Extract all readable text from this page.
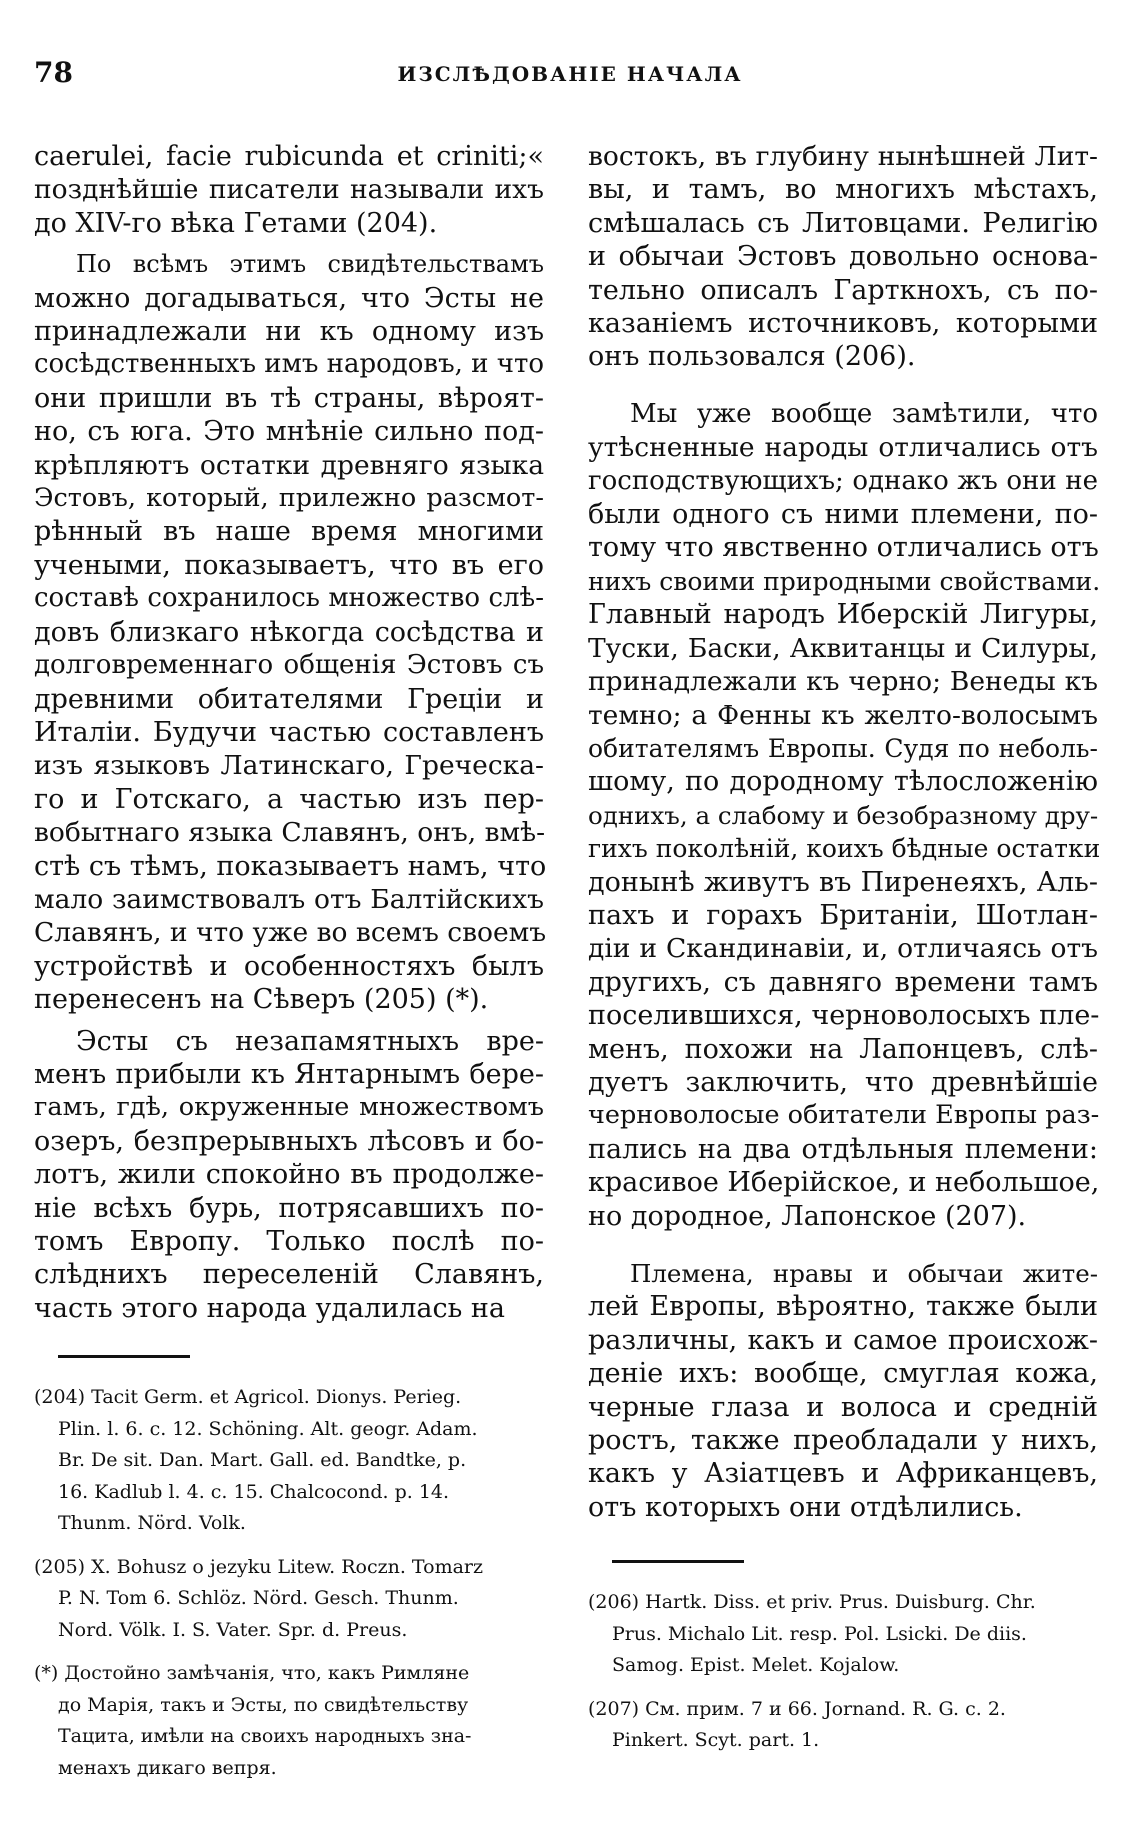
78	ИЗСЛѢДОВАНІЕ НАЧАЛА
caerulei, facie rubicunda et criniti;«
позднѣйшіе писатели называли ихъ
до XIV-го вѣка Гетами (204).
По всѣмъ этимъ свидѣтельствамъ
можно догадываться, что Эсты не
принадлежали ни къ одному изъ
сосѣдственныхъ имъ народовъ, и что
они пришли въ тѣ страны, вѣроят-
но, съ юга. Это мнѣніе сильно под-
крѣпляютъ остатки древняго языка
Эстовъ, который, прилежно разсмот-
рѣнный въ наше время многими
учеными, показываетъ, что въ его
составѣ сохранилось множество слѣ-
довъ близкаго нѣкогда сосѣдства и
долговременнаго общенія Эстовъ съ
древними обитателями Греціи и
Италіи. Будучи частью составленъ
изъ языковъ Латинскаго, Греческа-
го и Готскаго, а частью изъ пер-
вобытнаго языка Славянъ, онъ, вмѣ-
стѣ съ тѣмъ, показываетъ намъ, что
мало заимствовалъ отъ Балтійскихъ
Славянъ, и что уже во всемъ своемъ
устройствѣ и особенностяхъ былъ
перенесенъ на Сѣверъ (205) (*).
Эсты съ незапамятныхъ вре-
менъ прибыли къ Янтарнымъ бере-
гамъ, гдѣ, окруженные множествомъ
озеръ, безпрерывныхъ лѣсовъ и бо-
лотъ, жили спокойно въ продолже-
ніе всѣхъ бурь, потрясавшихъ по-
томъ Европу. Только послѣ по-
слѣднихъ переселеній Славянъ,
часть этого народа удалилась на
(204) Tacit Germ. et Agricol. Dionys. Perieg.
Plin. l. 6. c. 12. Schöning. Alt. geogr. Adam.
Br. De sit. Dan. Mart. Gall. ed. Bandtke, p.
16. Kadlub l. 4. c. 15. Chalcocond. p. 14.
Thunm. Nörd. Volk.
(205) X. Bohusz o jezyku Litew. Roczn. Tomarz
P. N. Tom 6. Schlöz. Nörd. Gesch. Thunm.
Nord. Völk. I. S. Vater. Spr. d. Preus.
(*) Достойно замѣчанія, что, какъ Римляне
до Марія, такъ и Эсты, по свидѣтельству
Тацита, имѣли на своихъ народныхъ зна-
менахъ дикаго вепря.
востокъ, въ глубину нынѣшней Лит-
вы, и тамъ, во многихъ мѣстахъ,
смѣшалась съ Литовцами. Религію
и обычаи Эстовъ довольно основа-
тельно описалъ Гарткнохъ, съ по-
казаніемъ источниковъ, которыми
онъ пользовался (206).
Мы уже вообще замѣтили, что
утѣсненные народы отличались отъ
господствующихъ; однако жъ они не
были одного съ ними племени, по-
тому что явственно отличались отъ
нихъ своими природными свойствами.
Главный народъ Иберскій Лигуры,
Туски, Баски, Аквитанцы и Силуры,
принадлежали къ черно; Венеды къ
темно; а Фенны къ желто-волосымъ
обитателямъ Европы. Судя по неболь-
шому, по дородному тѣлосложенію
однихъ, а слабому и безобразному дру-
гихъ поколѣній, коихъ бѣдные остатки
донынѣ живутъ въ Пиренеяхъ, Аль-
пахъ и горахъ Британіи, Шотлан-
діи и Скандинавіи, и, отличаясь отъ
другихъ, съ давняго времени тамъ
поселившихся, черноволосыхъ пле-
менъ, похожи на Лапонцевъ, слѣ-
дуетъ заключить, что древнѣйшіе
черноволосые обитатели Европы раз-
пались на два отдѣльныя племени:
красивое Иберійское, и небольшое,
но дородное, Лапонское (207).
Племена, нравы и обычаи жите-
лей Европы, вѣроятно, также были
различны, какъ и самое происхож-
деніе ихъ: вообще, смуглая кожа,
черные глаза и волоса и средній
ростъ, также преобладали у нихъ,
какъ у Азіатцевъ и Африканцевъ,
отъ которыхъ они отдѣлились.
(206) Hartk. Diss. et priv. Prus. Duisburg. Chr.
Prus. Michalo Lit. resp. Pol. Lsicki. De diis.
Samog. Epist. Melet. Kojalow.
(207) См. прим. 7 и 66. Jornand. R. G. c. 2.
Pinkert. Scyt. part. 1.
